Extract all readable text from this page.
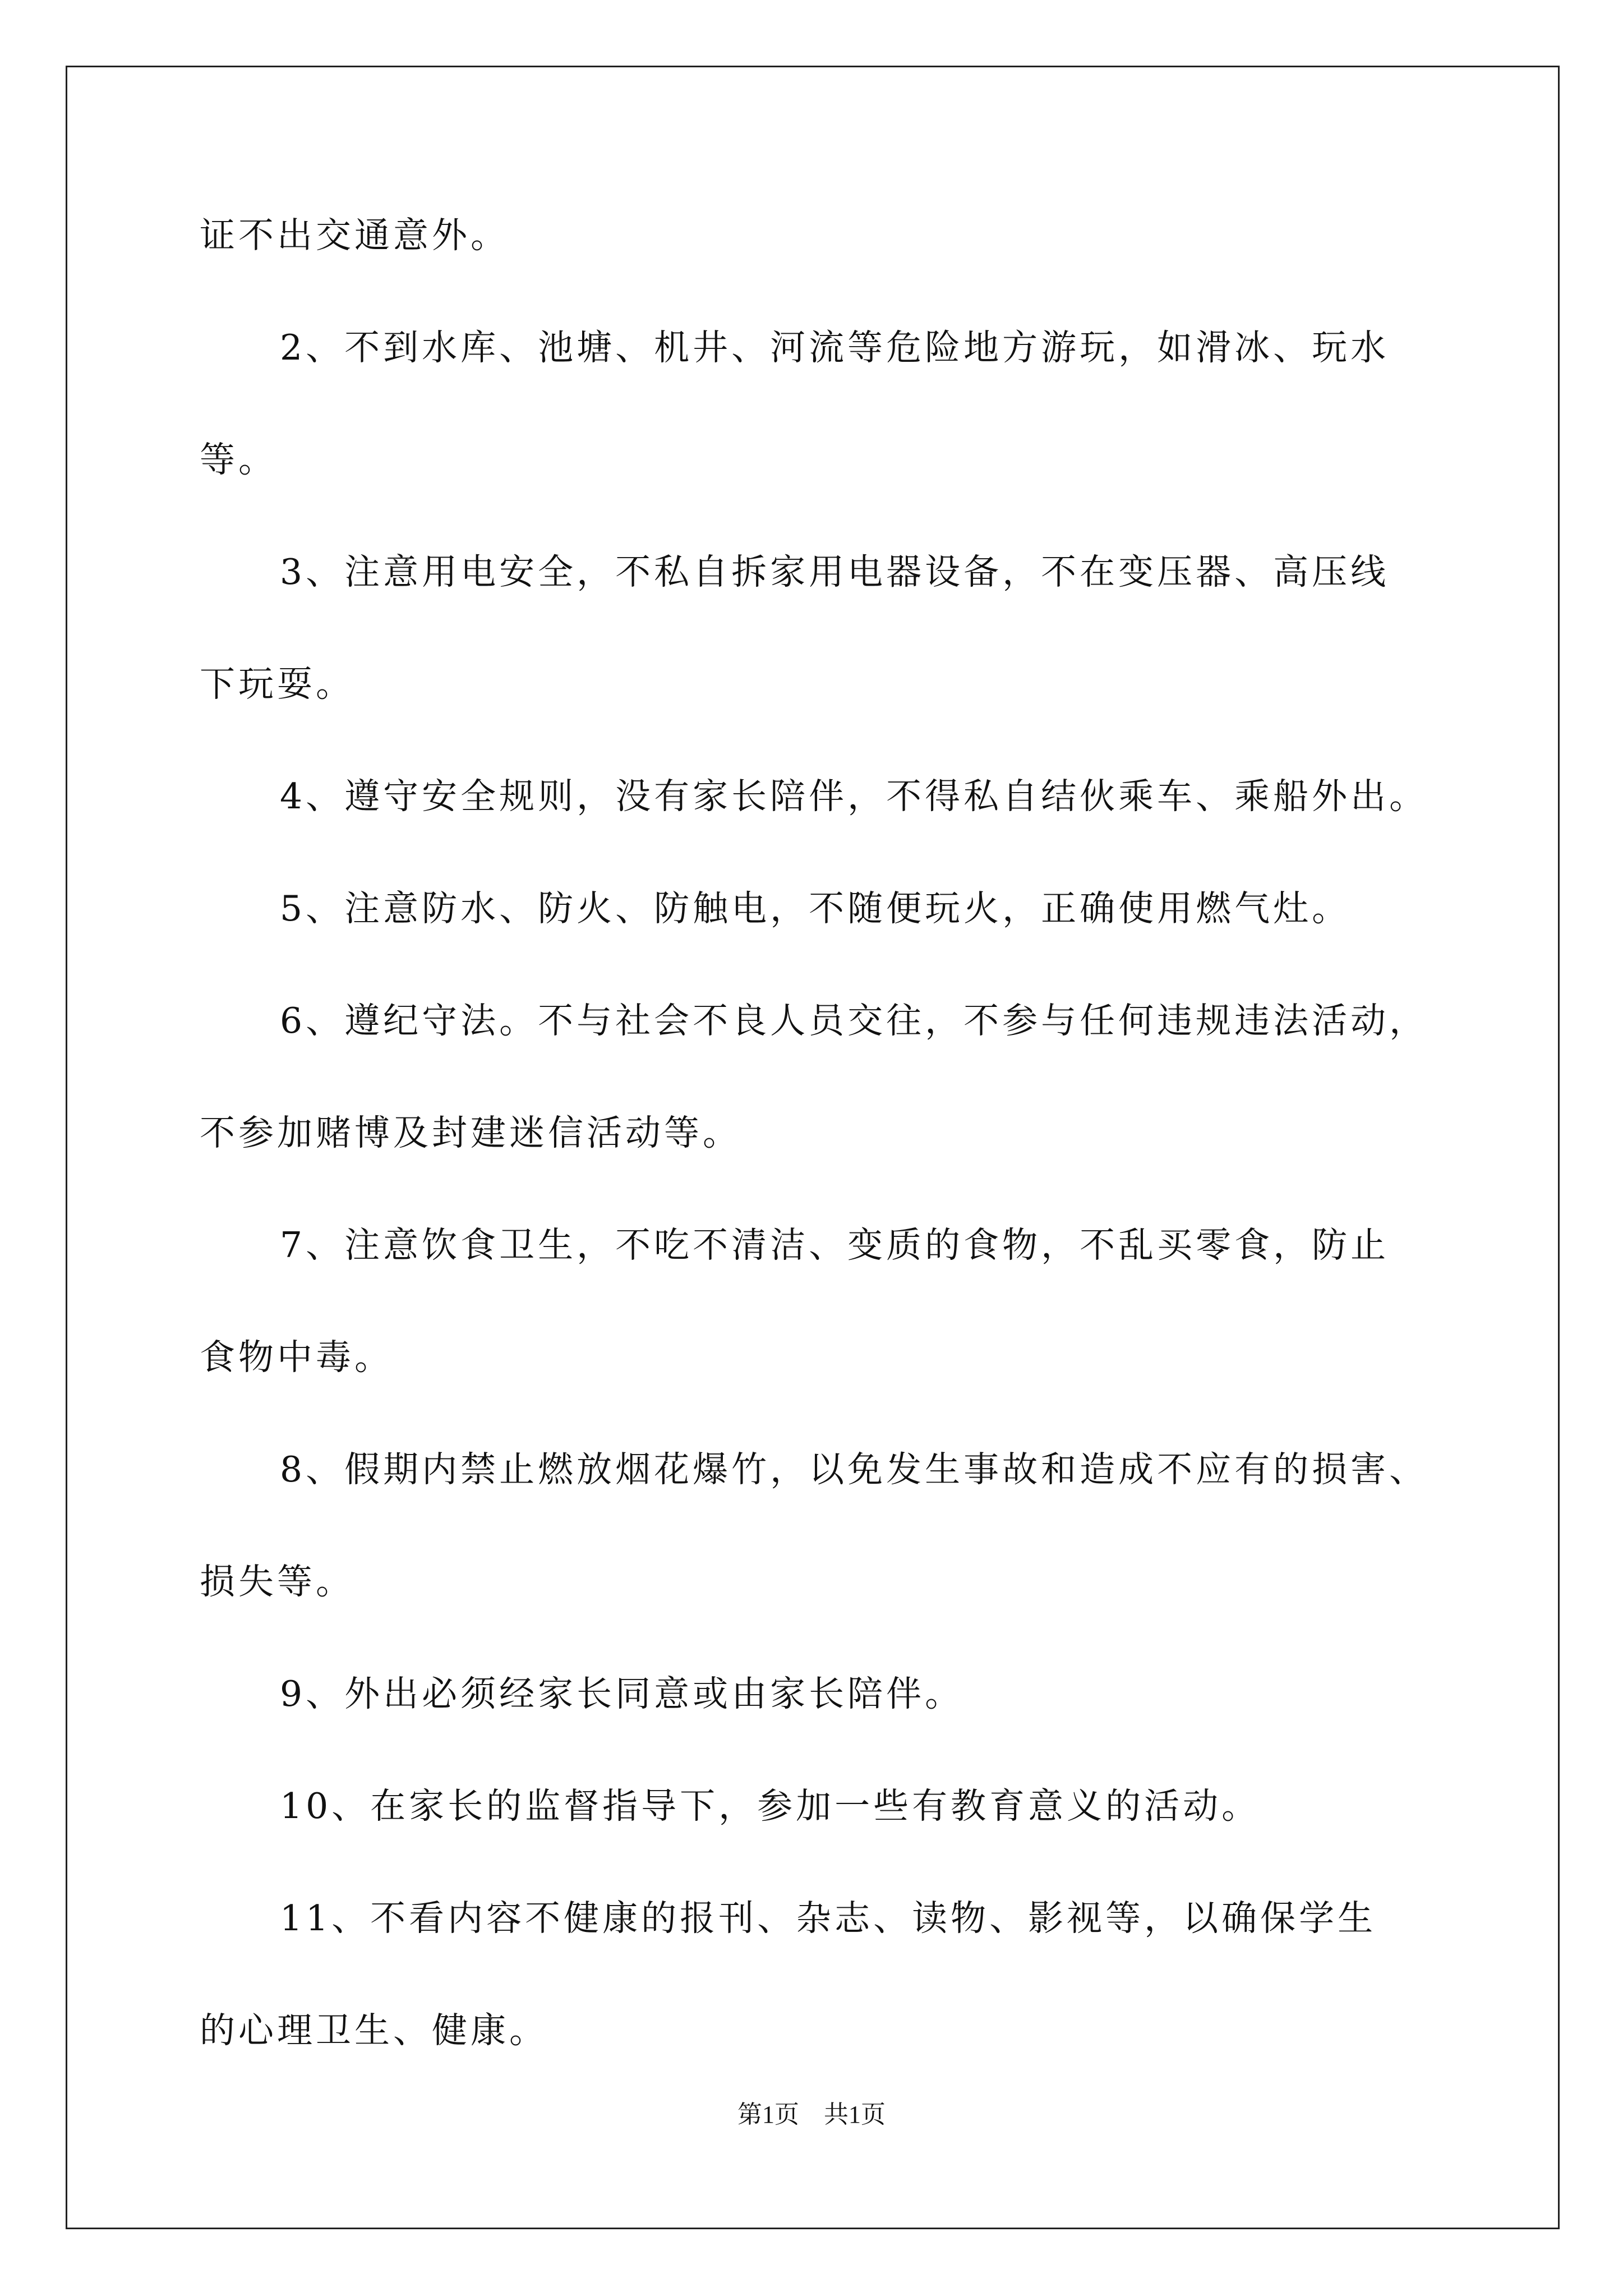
证不出交通意外。
2、不到水库、池塘、机井、河流等危险地方游玩，如滑冰、玩水
等。
3、注意用电安全，不私自拆家用电器设备，不在变压器、高压线
下玩耍。
4、遵守安全规则，没有家长陪伴，不得私自结伙乘车、乘船外出。
5、注意防水、防火、防触电，不随便玩火，正确使用燃气灶。
6、遵纪守法。不与社会不良人员交往，不参与任何违规违法活动，
不参加赌博及封建迷信活动等。
7、注意饮食卫生，不吃不清洁、变质的食物，不乱买零食，防止
食物中毒。
8、假期内禁止燃放烟花爆竹，以免发生事故和造成不应有的损害、
损失等。
9、外出必须经家长同意或由家长陪伴。
10、在家长的监督指导下，参加一些有教育意义的活动。
11、不看内容不健康的报刊、杂志、读物、影视等，以确保学生
的心理卫生、健康。
第1页 共1页
